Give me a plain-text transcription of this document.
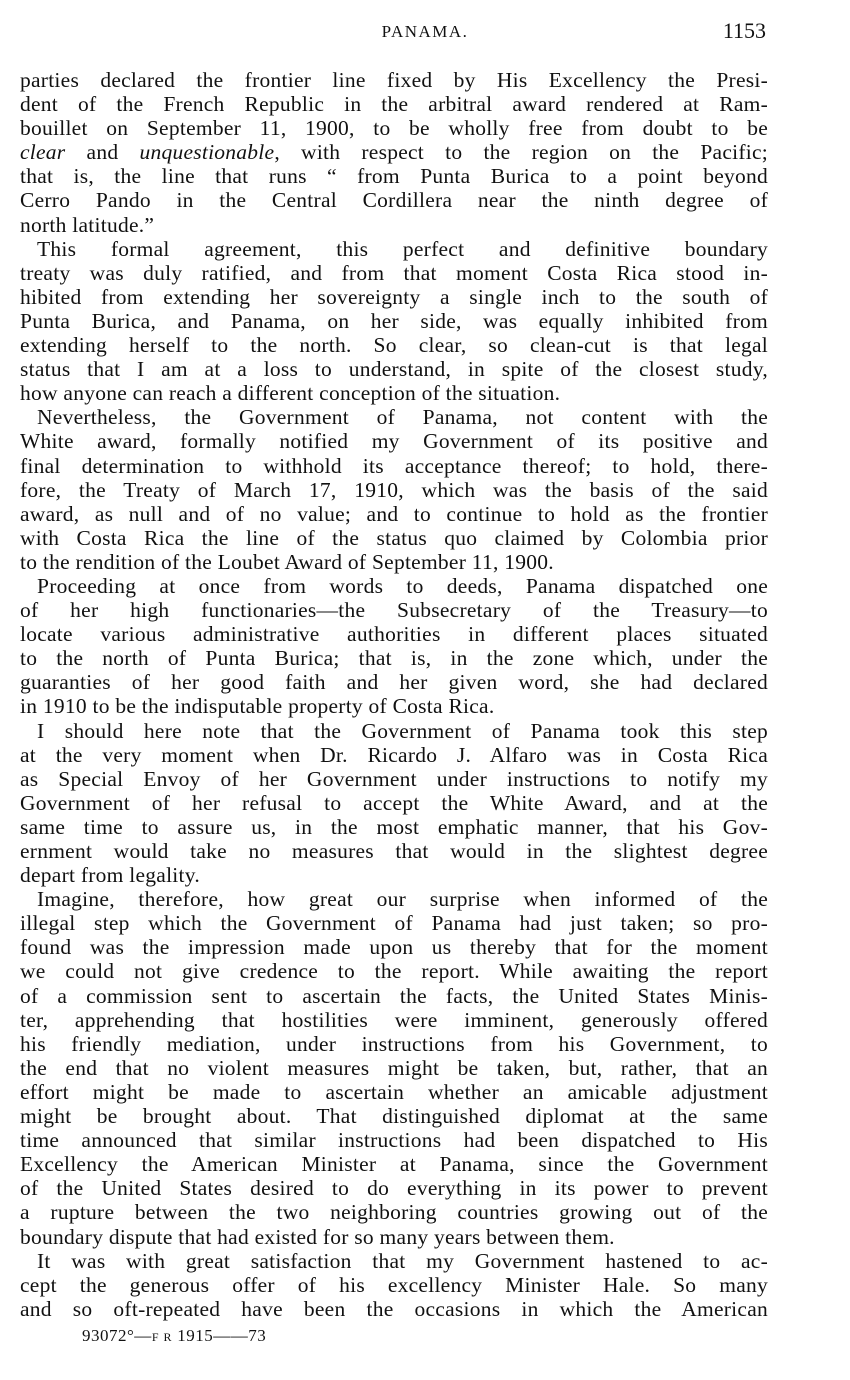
PANAMA.	1153
parties declared the frontier line fixed by His Excellency the Presi-
dent of the French Republic in the arbitral award rendered at Ram-
bouillet on September 11, 1900, to be wholly free from doubt to be
clear and unquestionable, with respect to the region on the Pacific;
that is, the line that runs “ from Punta Burica to a point beyond
Cerro Pando in the Central Cordillera near the ninth degree of
north latitude.”
This formal agreement, this perfect and definitive boundary
treaty was duly ratified, and from that moment Costa Rica stood in-
hibited from extending her sovereignty a single inch to the south of
Punta Burica, and Panama, on her side, was equally inhibited from
extending herself to the north. So clear, so clean-cut is that legal
status that I am at a loss to understand, in spite of the closest study,
how anyone can reach a different conception of the situation.
Nevertheless, the Government of Panama, not content with the
White award, formally notified my Government of its positive and
final determination to withhold its acceptance thereof; to hold, there-
fore, the Treaty of March 17, 1910, which was the basis of the said
award, as null and of no value; and to continue to hold as the frontier
with Costa Rica the line of the status quo claimed by Colombia prior
to the rendition of the Loubet Award of September 11, 1900.
Proceeding at once from words to deeds, Panama dispatched one
of her high functionaries—the Subsecretary of the Treasury—to
locate various administrative authorities in different places situated
to the north of Punta Burica; that is, in the zone which, under the
guaranties of her good faith and her given word, she had declared
in 1910 to be the indisputable property of Costa Rica.
I should here note that the Government of Panama took this step
at the very moment when Dr. Ricardo J. Alfaro was in Costa Rica
as Special Envoy of her Government under instructions to notify my
Government of her refusal to accept the White Award, and at the
same time to assure us, in the most emphatic manner, that his Gov-
ernment would take no measures that would in the slightest degree
depart from legality.
Imagine, therefore, how great our surprise when informed of the
illegal step which the Government of Panama had just taken; so pro-
found was the impression made upon us thereby that for the moment
we could not give credence to the report. While awaiting the report
of a commission sent to ascertain the facts, the United States Minis-
ter, apprehending that hostilities were imminent, generously offered
his friendly mediation, under instructions from his Government, to
the end that no violent measures might be taken, but, rather, that an
effort might be made to ascertain whether an amicable adjustment
might be brought about. That distinguished diplomat at the same
time announced that similar instructions had been dispatched to His
Excellency the American Minister at Panama, since the Government
of the United States desired to do everything in its power to prevent
a rupture between the two neighboring countries growing out of the
boundary dispute that had existed for so many years between them.
It was with great satisfaction that my Government hastened to ac-
cept the generous offer of his excellency Minister Hale. So many
and so oft-repeated have been the occasions in which the American
93072°—F R 1915——73
